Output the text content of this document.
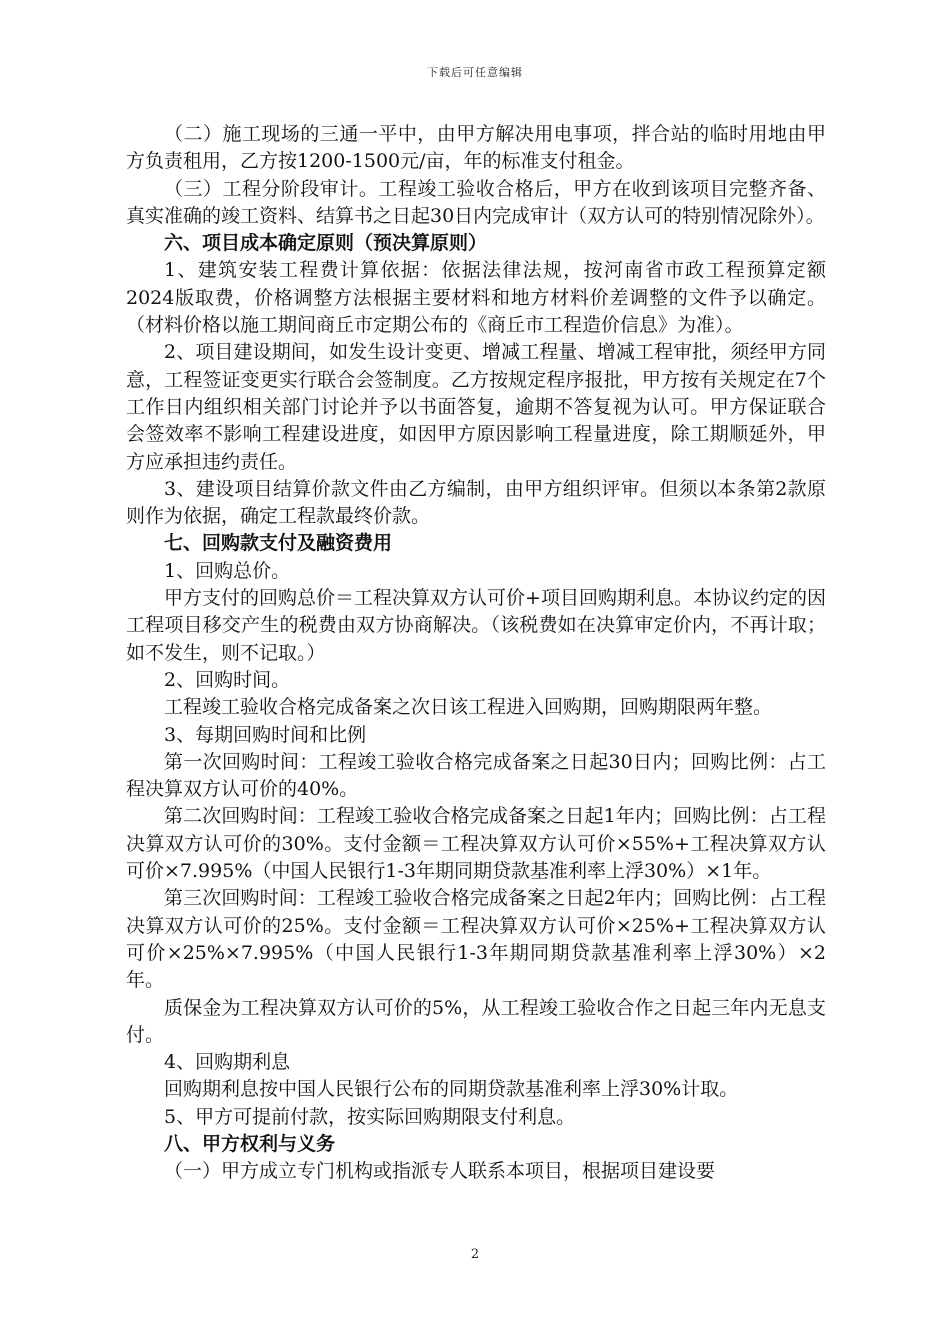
下载后可任意编辑

（二）施工现场的三通一平中，由甲方解决用电事项，拌合站的临时用地由甲方负责租用，乙方按1200-1500元/亩，年的标准支付租金。

（三）工程分阶段审计。工程竣工验收合格后，甲方在收到该项目完整齐备、真实准确的竣工资料、结算书之日起30日内完成审计（双方认可的特别情况除外）。

六、项目成本确定原则（预决算原则）

1、建筑安装工程费计算依据：依据法律法规，按河南省市政工程预算定额2024版取费，价格调整方法根据主要材料和地方材料价差调整的文件予以确定。（材料价格以施工期间商丘市定期公布的《商丘市工程造价信息》为准）。

2、项目建设期间，如发生设计变更、增减工程量、增减工程审批，须经甲方同意，工程签证变更实行联合会签制度。乙方按规定程序报批，甲方按有关规定在7个工作日内组织相关部门讨论并予以书面答复，逾期不答复视为认可。甲方保证联合会签效率不影响工程建设进度，如因甲方原因影响工程量进度，除工期顺延外，甲方应承担违约责任。

3、建设项目结算价款文件由乙方编制，由甲方组织评审。但须以本条第2款原则作为依据，确定工程款最终价款。

七、回购款支付及融资费用

1、回购总价。

甲方支付的回购总价＝工程决算双方认可价+项目回购期利息。本协议约定的因工程项目移交产生的税费由双方协商解决。（该税费如在决算审定价内，不再计取；如不发生，则不记取。）

2、回购时间。

工程竣工验收合格完成备案之次日该工程进入回购期，回购期限两年整。

3、每期回购时间和比例

第一次回购时间：工程竣工验收合格完成备案之日起30日内；回购比例：占工程决算双方认可价的40%。

第二次回购时间：工程竣工验收合格完成备案之日起1年内；回购比例：占工程决算双方认可价的30%。支付金额＝工程决算双方认可价×55%+工程决算双方认可价×7.995%（中国人民银行1-3年期同期贷款基准利率上浮30%）×1年。

第三次回购时间：工程竣工验收合格完成备案之日起2年内；回购比例：占工程决算双方认可价的25%。支付金额＝工程决算双方认可价×25%+工程决算双方认可价×25%×7.995%（中国人民银行1-3年期同期贷款基准利率上浮30%）×2年。

质保金为工程决算双方认可价的5%，从工程竣工验收合作之日起三年内无息支付。

4、回购期利息

回购期利息按中国人民银行公布的同期贷款基准利率上浮30%计取。

5、甲方可提前付款，按实际回购期限支付利息。

八、甲方权利与义务

（一）甲方成立专门机构或指派专人联系本项目，根据项目建设要

2
